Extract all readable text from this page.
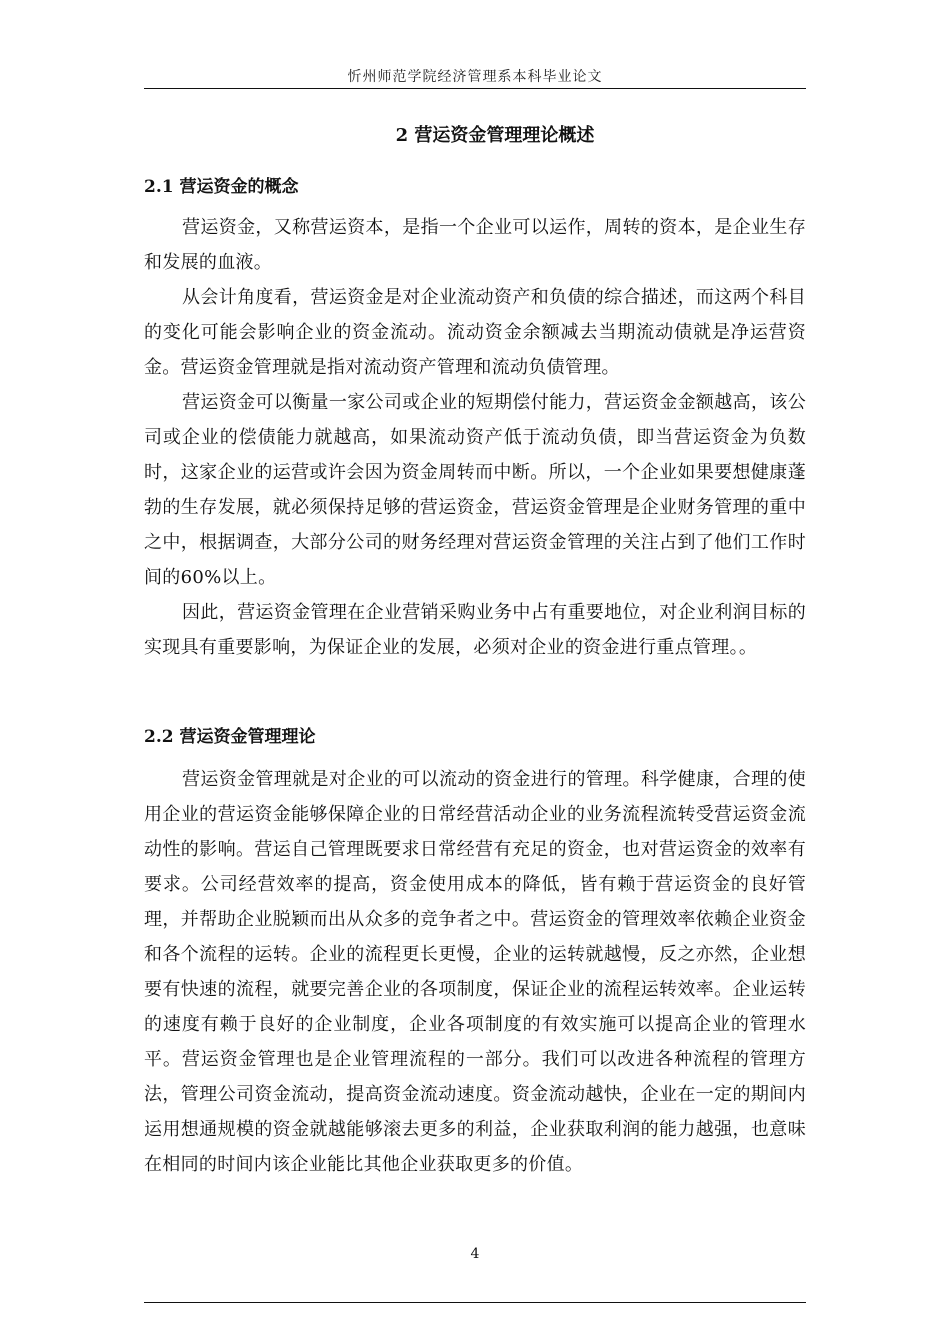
忻州师范学院经济管理系本科毕业论文
2 营运资金管理理论概述
2.1 营运资金的概念

营运资金，又称营运资本，是指一个企业可以运作，周转的资本，是企业生存和发展的血液。

从会计角度看，营运资金是对企业流动资产和负债的综合描述，而这两个科目的变化可能会影响企业的资金流动。流动资金余额减去当期流动债就是净运营资金。营运资金管理就是指对流动资产管理和流动负债管理。

营运资金可以衡量一家公司或企业的短期偿付能力，营运资金金额越高，该公司或企业的偿债能力就越高，如果流动资产低于流动负债，即当营运资金为负数时，这家企业的运营或许会因为资金周转而中断。所以，一个企业如果要想健康蓬勃的生存发展，就必须保持足够的营运资金，营运资金管理是企业财务管理的重中之中，根据调查，大部分公司的财务经理对营运资金管理的关注占到了他们工作时间的60%以上。

因此，营运资金管理在企业营销采购业务中占有重要地位，对企业利润目标的实现具有重要影响，为保证企业的发展，必须对企业的资金进行重点管理。。

2.2 营运资金管理理论

营运资金管理就是对企业的可以流动的资金进行的管理。科学健康，合理的使用企业的营运资金能够保障企业的日常经营活动企业的业务流程流转受营运资金流动性的影响。营运自己管理既要求日常经营有充足的资金，也对营运资金的效率有要求。公司经营效率的提高，资金使用成本的降低，皆有赖于营运资金的良好管理，并帮助企业脱颖而出从众多的竞争者之中。营运资金的管理效率依赖企业资金和各个流程的运转。企业的流程更长更慢，企业的运转就越慢，反之亦然，企业想要有快速的流程，就要完善企业的各项制度，保证企业的流程运转效率。企业运转的速度有赖于良好的企业制度，企业各项制度的有效实施可以提高企业的管理水平。营运资金管理也是企业管理流程的一部分。我们可以改进各种流程的管理方法，管理公司资金流动，提高资金流动速度。资金流动越快，企业在一定的期间内运用想通规模的资金就越能够滚去更多的利益，企业获取利润的能力越强，也意味在相同的时间内该企业能比其他企业获取更多的价值。

4
